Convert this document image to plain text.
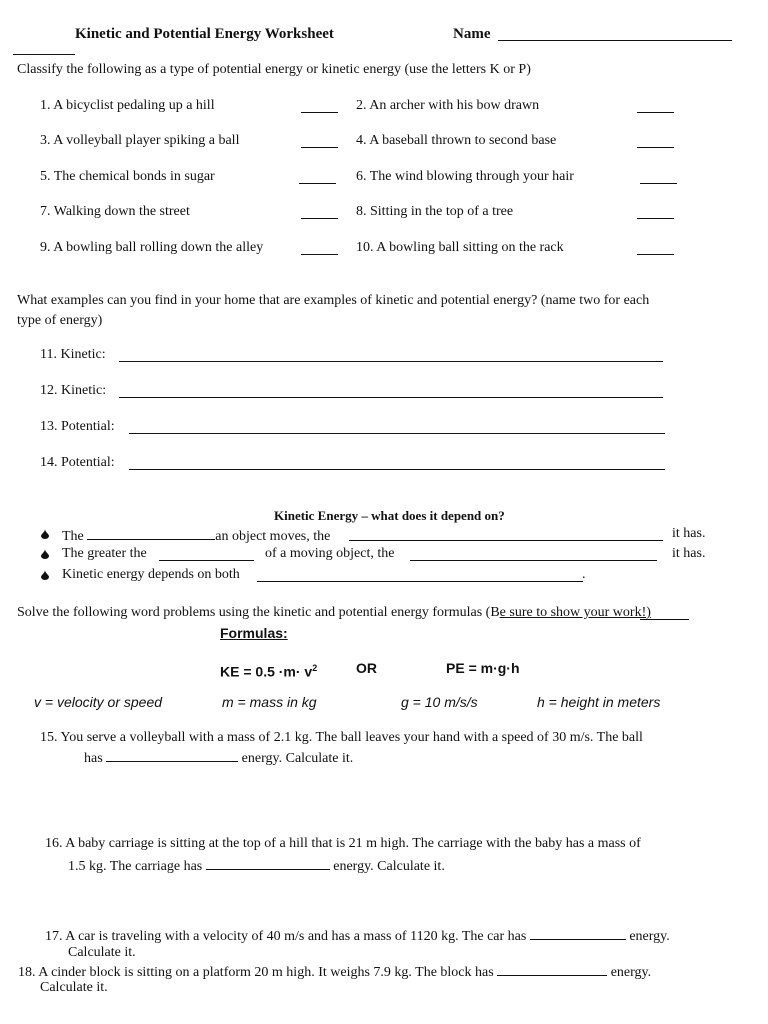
Kinetic and Potential Energy Worksheet	Name
Classify the following as a type of potential energy or kinetic energy (use the letters K or P)
1. A bicyclist pedaling up a hill	2. An archer with his bow drawn
3. A volleyball player spiking a ball	4. A baseball thrown to second base
5. The chemical bonds in sugar	6. The wind blowing through your hair
7. Walking down the street	8. Sitting in the top of a tree
9. A bowling ball rolling down the alley	10. A bowling ball sitting on the rack
What examples can you find in your home that are examples of kinetic and potential energy? (name two for each
type of energy)
11. Kinetic:
12. Kinetic:
13. Potential:
14. Potential:
Kinetic Energy – what does it depend on?
The	an object moves, the	it has.
The greater the	of a moving object, the	it has.
Kinetic energy depends on both	.
Solve the following word problems using the kinetic and potential energy formulas (Be sure to show your work!)
Formulas:
KE = $0.5 \cdot m\cdot v^2$	OR	PE = m·g·h
v = velocity or speed	m = mass in kg	g = 10 m/s/s	h = height in meters
15. You serve a volleyball with a mass of 2.1 kg. The ball leaves your hand with a speed of 30 m/s. The ball
has	energy. Calculate it.
16. A baby carriage is sitting at the top of a hill that is 21 m high. The carriage with the baby has a mass of
1.5 kg. The carriage has	energy. Calculate it.
17. A car is traveling with a velocity of 40 m/s and has a mass of 1120 kg. The car has	energy.
Calculate it.
18. A cinder block is sitting on a platform 20 m high. It weighs 7.9 kg. The block has	energy.
Calculate it.
